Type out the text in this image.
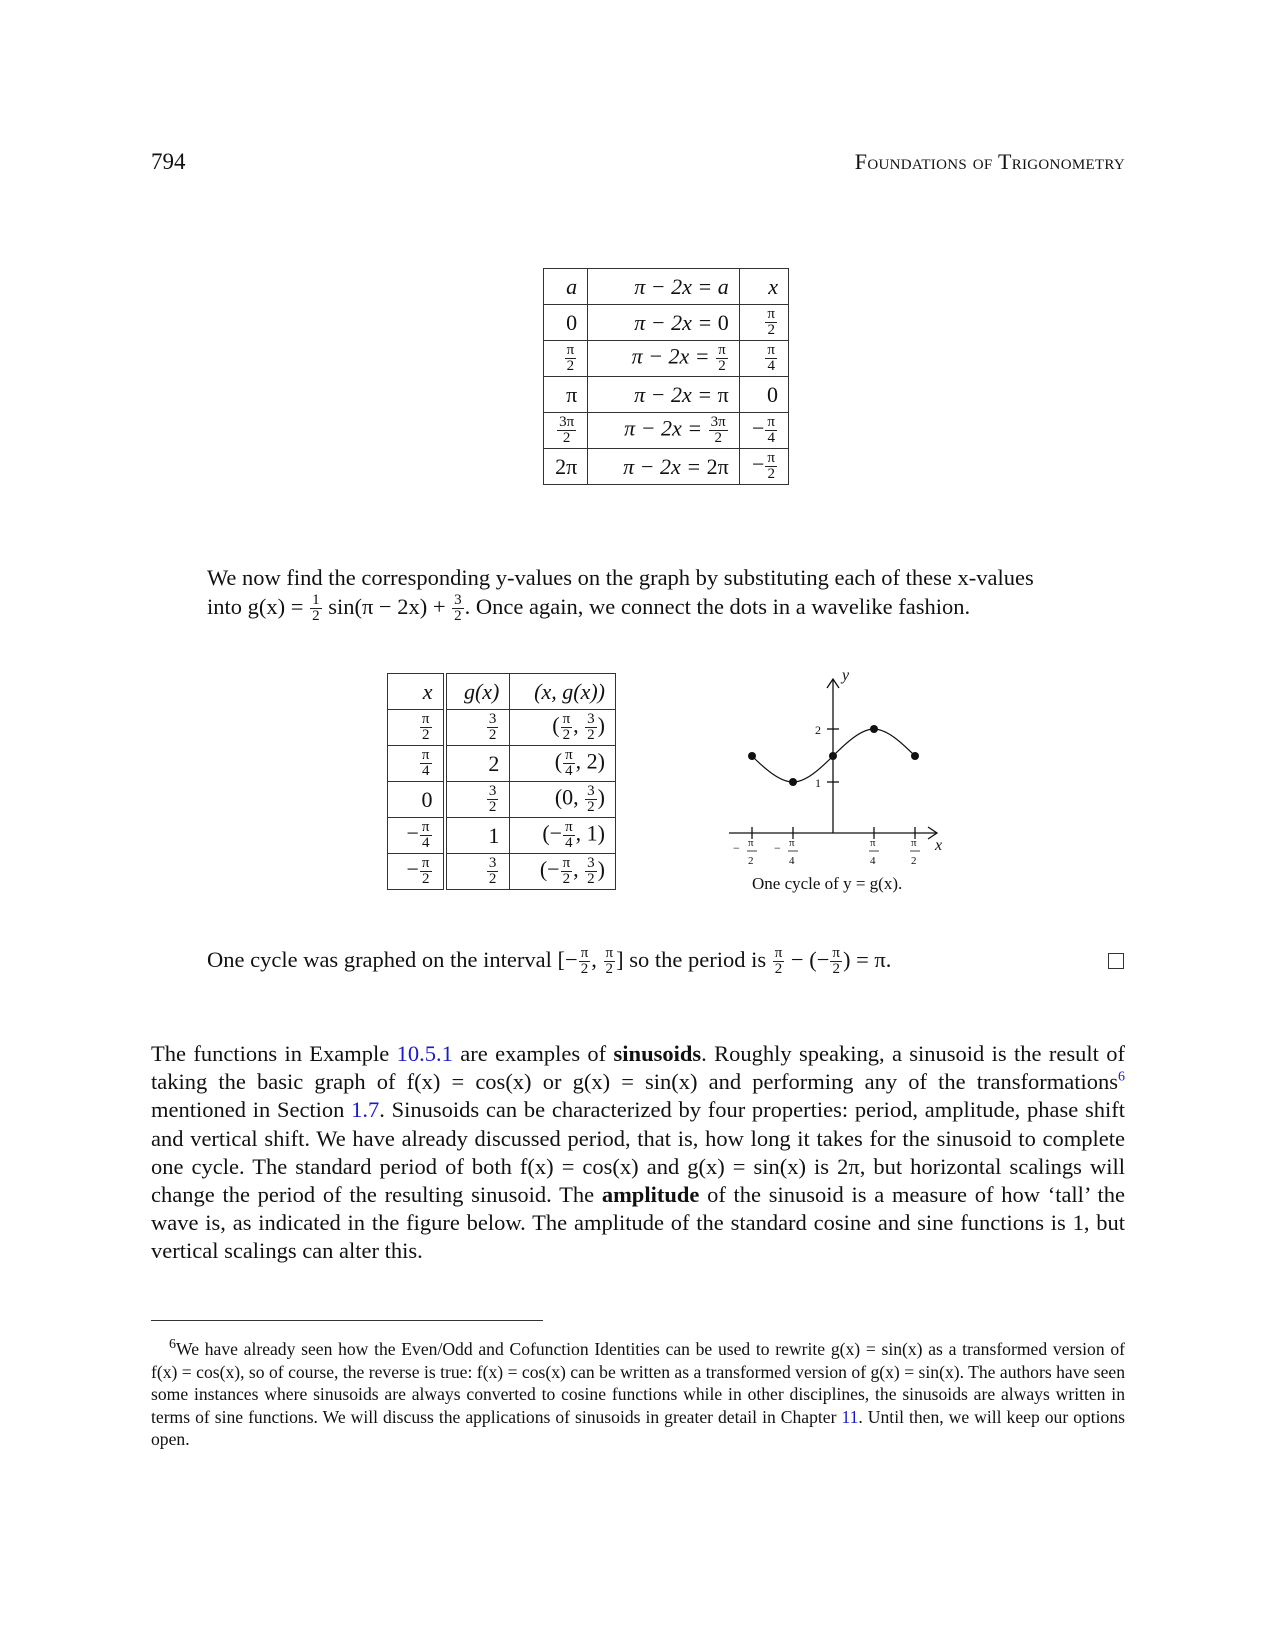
794	Foundations of Trigonometry
a	π − 2x = a	x
0	π − 2x = 0	$\frac{\pi}{2}$

$\frac{\pi}{2}$	$\pi - 2x = \frac{\pi}{2}$	$\frac{\pi}{4}$

π	π − 2x = π	0

$\frac{3\pi}{2}$	$\pi - 2x = \frac{3\pi}{2}$	− $\frac{\pi}{4}$

2π	π − 2x = 2π	− $\frac{\pi}{2}$
We now find the corresponding y-values on the graph by substituting each of these x-values
into $g(x) = \frac{1}{2} \sin(\pi - 2x) + \frac{3}{2}$ . Once again, we connect the dots in a wavelike fashion.
x	g(x)	(x, g(x))

$\frac{\pi}{2}$	$\frac{3}{2}$	( $\frac{\pi}{2}$ , $\frac{3}{2}$ )

$\frac{\pi}{4}$	2	( $\frac{\pi}{4}$ , 2)
0	$\frac{3}{2}$	(0, $\frac{3}{2}$ )
− $\frac{\pi}{4}$	1	(− $\frac{\pi}{4}$ , 1)
− $\frac{\pi}{2}$	$\frac{3}{2}$	(− $\frac{\pi}{2}$ , $\frac{3}{2}$ )
y
x
2
1
− π
2
− π
4
π
4
π
2
One cycle of y = g(x).
One cycle was graphed on the interval [− $\frac{\pi}{2}$ , $\frac{\pi}{2}$ ] so the period is $\frac{\pi}{2}$ − (− $\frac{\pi}{2}$ ) = π.

The functions in Example 10.5.1 are examples of sinusoids. Roughly speaking, a sinusoid is the result of taking the basic graph of f(x) = cos(x) or g(x) = sin(x) and performing any of the transformations$^6$ mentioned in Section 1.7. Sinusoids can be characterized by four properties: period, amplitude, phase shift and vertical shift. We have already discussed period, that is, how long it takes for the sinusoid to complete one cycle. The standard period of both f(x) = cos(x) and g(x) = sin(x) is 2π, but horizontal scalings will change the period of the resulting sinusoid. The amplitude of the sinusoid is a measure of how ‘tall’ the wave is, as indicated in the figure below. The amplitude of the standard cosine and sine functions is 1, but vertical scalings can alter this.

$^6$We have already seen how the Even/Odd and Cofunction Identities can be used to rewrite g(x) = sin(x) as a transformed version of f(x) = cos(x), so of course, the reverse is true: f(x) = cos(x) can be written as a transformed version of g(x) = sin(x). The authors have seen some instances where sinusoids are always converted to cosine functions while in other disciplines, the sinusoids are always written in terms of sine functions. We will discuss the applications of sinusoids in greater detail in Chapter 11. Until then, we will keep our options open.
